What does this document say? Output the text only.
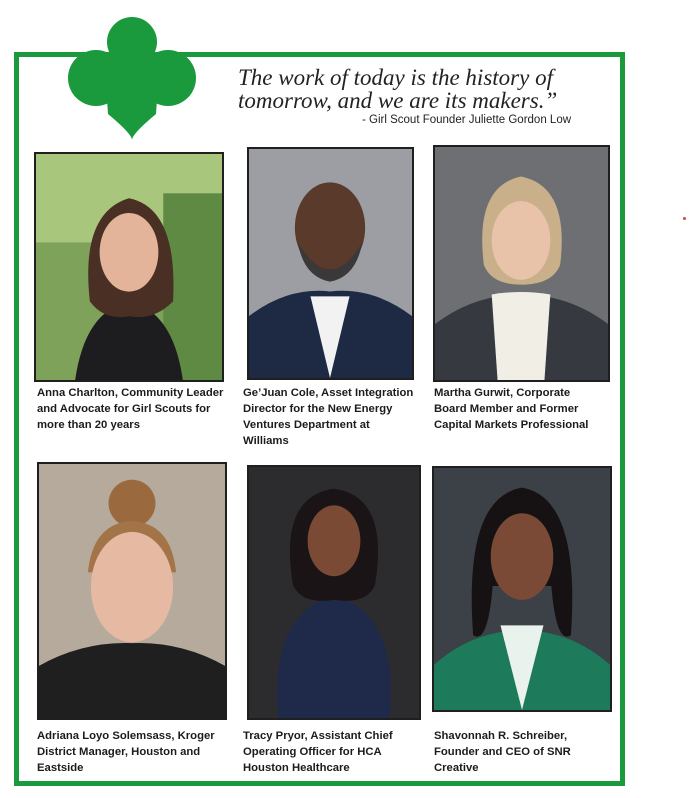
The work of today is the history of
tomorrow, and we are its makers.”
- Girl Scout Founder Juliette Gordon Low
Anna Charlton, Community Leader
and Advocate for Girl Scouts for
more than 20 years
Ge’Juan Cole, Asset Integration
Director for the New Energy
Ventures Department at
Williams
Martha Gurwit, Corporate
Board Member and Former
Capital Markets Professional
Adriana Loyo Solemsass, Kroger
District Manager, Houston and
Eastside
Tracy Pryor, Assistant Chief
Operating Officer for HCA
Houston Healthcare
Shavonnah R. Schreiber,
Founder and CEO of SNR
Creative
